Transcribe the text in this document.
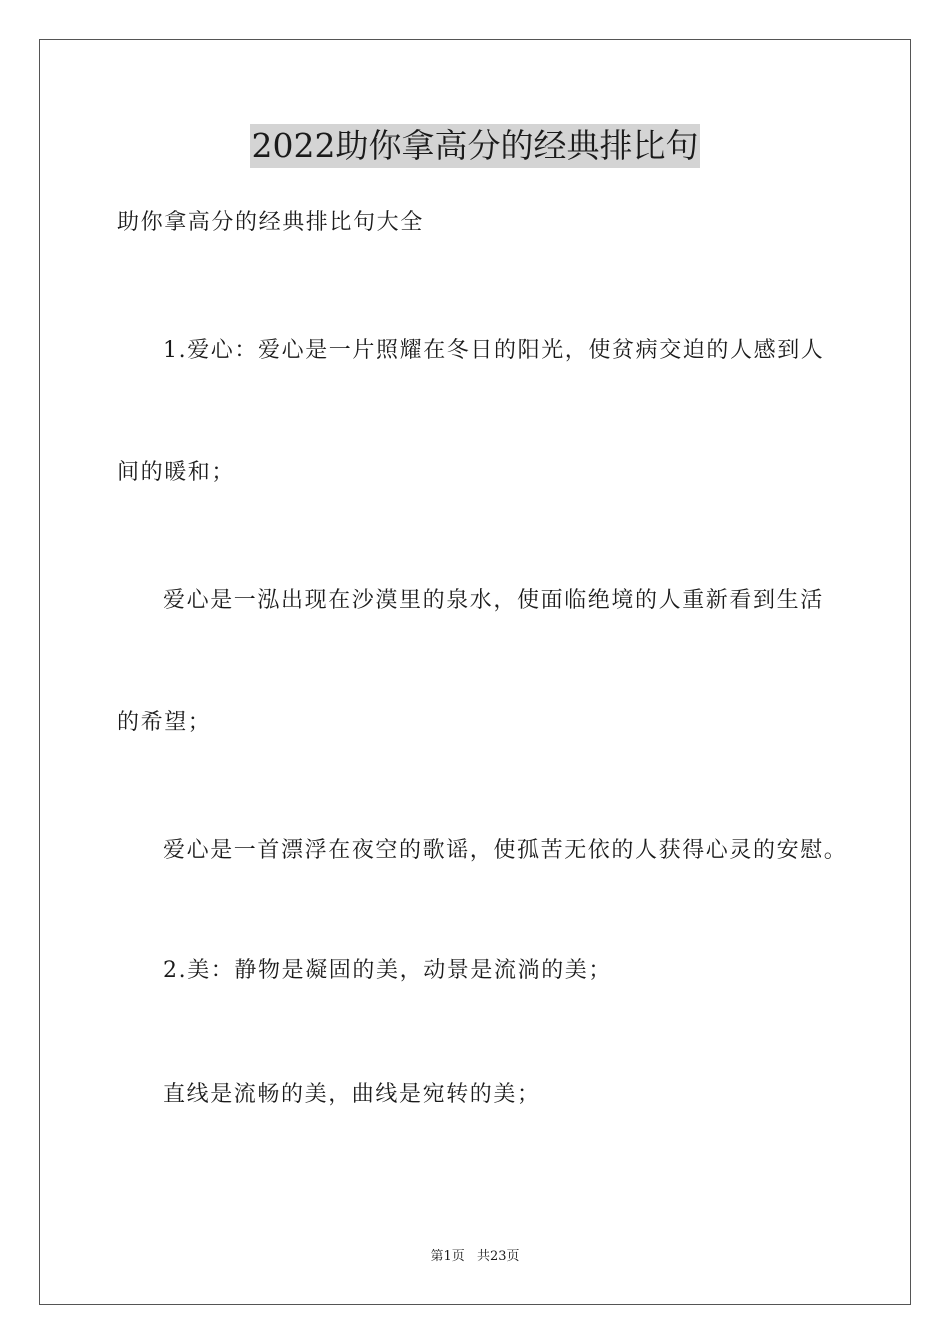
2022助你拿高分的经典排比句

助你拿高分的经典排比句大全

1.爱心：爱心是一片照耀在冬日的阳光，使贫病交迫的人感到人

间的暖和；

爱心是一泓出现在沙漠里的泉水，使面临绝境的人重新看到生活

的希望；

爱心是一首漂浮在夜空的歌谣，使孤苦无依的人获得心灵的安慰。

2.美：静物是凝固的美，动景是流淌的美；

直线是流畅的美，曲线是宛转的美；

第1页 共23页
